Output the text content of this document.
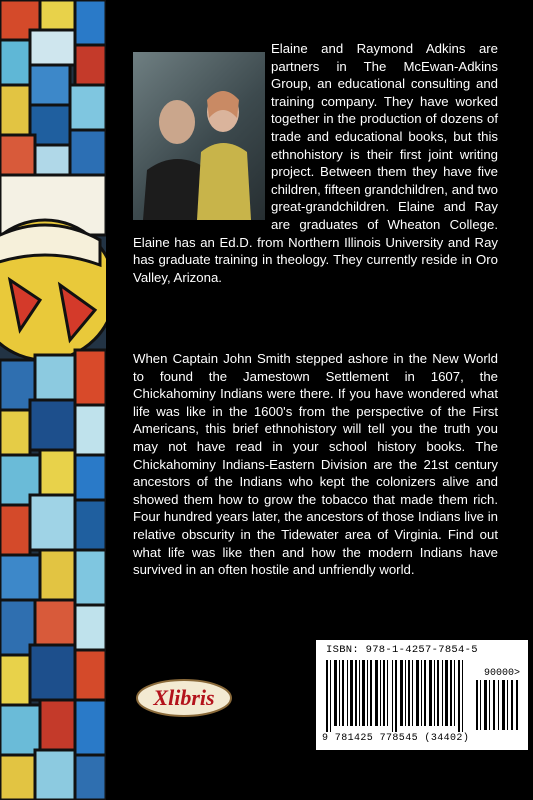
Elaine and Raymond Adkins are partners in The McEwan-Adkins Group, an educational consulting and training company. They have worked together in the production of dozens of trade and educational books, but this ethnohistory is their first joint writing project. Between them they have five children, fifteen grandchildren, and two great-grandchildren. Elaine and Ray are graduates of Wheaton College. Elaine has an Ed.D. from Northern Illinois University and Ray has graduate training in theology. They currently reside in Oro Valley, Arizona.

When Captain John Smith stepped ashore in the New World to found the Jamestown Settlement in 1607, the Chickahominy Indians were there. If you have wondered what life was like in the 1600's from the perspective of the First Americans, this brief ethnohistory will tell you the truth you may not have read in your school history books. The Chickahominy Indians-Eastern Division are the 21st century ancestors of the Indians who kept the colonizers alive and showed them how to grow the tobacco that made them rich. Four hundred years later, the ancestors of those Indians live in relative obscurity in the Tidewater area of Virginia. Find out what life was like then and how the modern Indians have survived in an often hostile and unfriendly world.

Xlibris
ISBN: 978-1-4257-7854-5
90000>
9 781425 778545 (34402)
